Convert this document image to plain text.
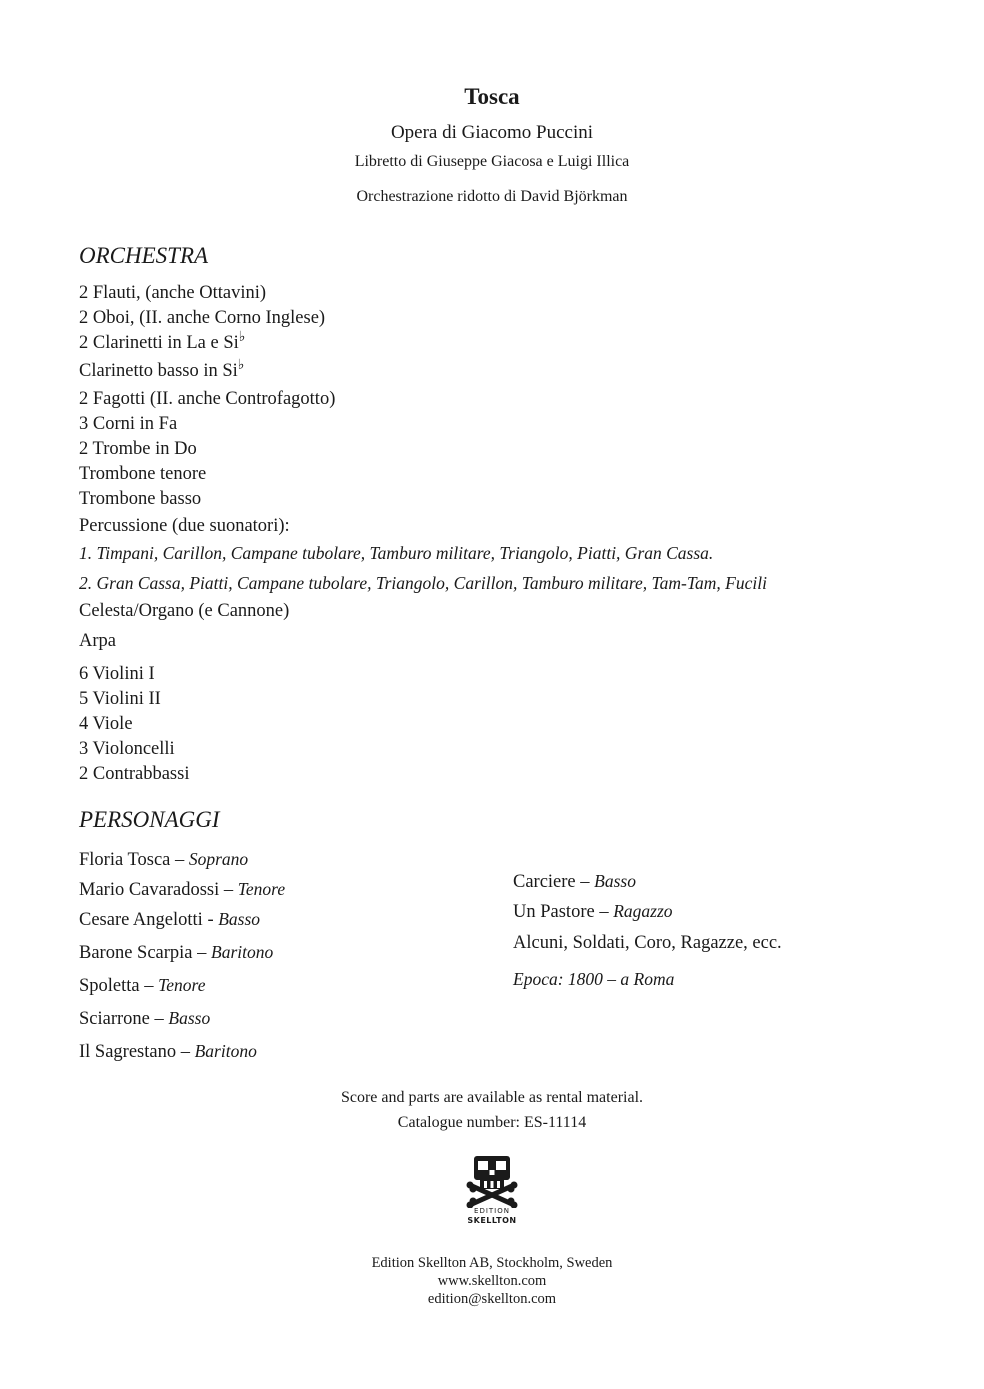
Tosca
Opera di Giacomo Puccini
Libretto di Giuseppe Giacosa e Luigi Illica
Orchestrazione ridotto di David Björkman
ORCHESTRA
2 Flauti, (anche Ottavini)
2 Oboi, (II. anche Corno Inglese)
2 Clarinetti in La e Si♭
Clarinetto basso in Si♭
2 Fagotti (II. anche Controfagotto)
3 Corni in Fa
2 Trombe in Do
Trombone tenore
Trombone basso
Percussione (due suonatori):
1. Timpani, Carillon, Campane tubolare, Tamburo militare, Triangolo, Piatti, Gran Cassa.
2. Gran Cassa, Piatti, Campane tubolare, Triangolo, Carillon, Tamburo militare, Tam-Tam, Fucili
Celesta/Organo (e Cannone)
Arpa
6 Violini I
5 Violini II
4 Viole
3 Violoncelli
2 Contrabbassi
PERSONAGGI
Floria Tosca – Soprano
Mario Cavaradossi – Tenore
Cesare Angelotti - Basso
Barone Scarpia – Baritono
Spoletta – Tenore
Sciarrone – Basso
Il Sagrestano – Baritono
Carciere – Basso
Un Pastore – Ragazzo
Alcuni, Soldati, Coro, Ragazze, ecc.
Epoca: 1800 – a Roma
Score and parts are available as rental material.
Catalogue number: ES-11114
EDITION
SKELLTON
Edition Skellton AB, Stockholm, Sweden
www.skellton.com
edition@skellton.com
